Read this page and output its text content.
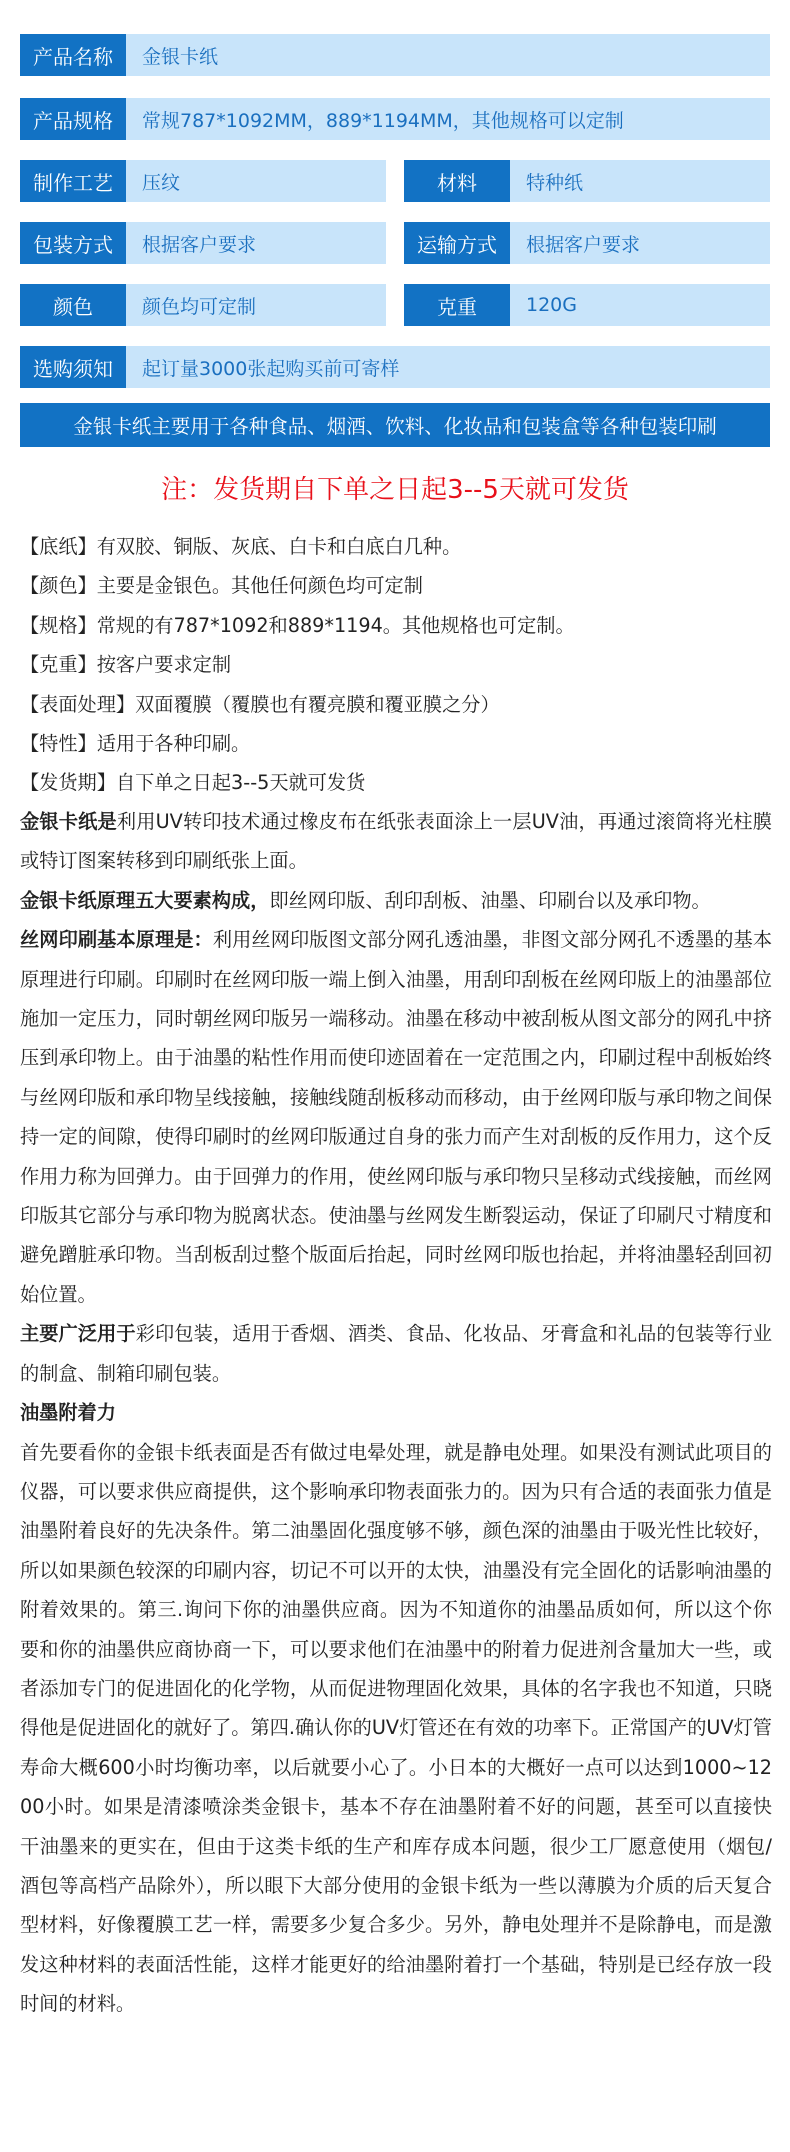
产品名称	金银卡纸
产品规格	常规787*1092MM，889*1194MM，其他规格可以定制
制作工艺	压纹	材料	特种纸
包装方式	根据客户要求	运输方式	根据客户要求
颜色	颜色均可定制	克重	120G
选购须知	起订量3000张起购买前可寄样
金银卡纸主要用于各种食品、烟酒、饮料、化妆品和包装盒等各种包装印刷
注：发货期自下单之日起3--5天就可发货

【底纸】有双胶、铜版、灰底、白卡和白底白几种。

【颜色】主要是金银色。其他任何颜色均可定制

【规格】常规的有787*1092和889*1194。其他规格也可定制。

【克重】按客户要求定制

【表面处理】双面覆膜（覆膜也有覆亮膜和覆亚膜之分）

【特性】适用于各种印刷。

【发货期】自下单之日起3--5天就可发货

金银卡纸是利用UV转印技术通过橡皮布在纸张表面涂上一层UV油，再通过滚筒将光柱膜或特订图案转移到印刷纸张上面。

金银卡纸原理五大要素构成，即丝网印版、刮印刮板、油墨、印刷台以及承印物。

丝网印刷基本原理是：利用丝网印版图文部分网孔透油墨，非图文部分网孔不透墨的基本原理进行印刷。印刷时在丝网印版一端上倒入油墨，用刮印刮板在丝网印版上的油墨部位施加一定压力，同时朝丝网印版另一端移动。油墨在移动中被刮板从图文部分的网孔中挤压到承印物上。由于油墨的粘性作用而使印迹固着在一定范围之内，印刷过程中刮板始终与丝网印版和承印物呈线接触，接触线随刮板移动而移动，由于丝网印版与承印物之间保持一定的间隙，使得印刷时的丝网印版通过自身的张力而产生对刮板的反作用力，这个反作用力称为回弹力。由于回弹力的作用，使丝网印版与承印物只呈移动式线接触，而丝网印版其它部分与承印物为脱离状态。使油墨与丝网发生断裂运动，保证了印刷尺寸精度和避免蹭脏承印物。当刮板刮过整个版面后抬起，同时丝网印版也抬起，并将油墨轻刮回初始位置。

主要广泛用于彩印包装，适用于香烟、酒类、食品、化妆品、牙膏盒和礼品的包装等行业的制盒、制箱印刷包装。

油墨附着力

首先要看你的金银卡纸表面是否有做过电晕处理，就是静电处理。如果没有测试此项目的仪器，可以要求供应商提供，这个影响承印物表面张力的。因为只有合适的表面张力值是油墨附着良好的先决条件。第二油墨固化强度够不够，颜色深的油墨由于吸光性比较好，所以如果颜色较深的印刷内容，切记不可以开的太快，油墨没有完全固化的话影响油墨的附着效果的。第三.询问下你的油墨供应商。因为不知道你的油墨品质如何，所以这个你要和你的油墨供应商协商一下，可以要求他们在油墨中的附着力促进剂含量加大一些，或者添加专门的促进固化的化学物，从而促进物理固化效果，具体的名字我也不知道，只晓得他是促进固化的就好了。第四.确认你的UV灯管还在有效的功率下。正常国产的UV灯管寿命大概600小时均衡功率，以后就要小心了。小日本的大概好一点可以达到1000~1200小时。如果是清漆喷涂类金银卡，基本不存在油墨附着不好的问题，甚至可以直接快干油墨来的更实在，但由于这类卡纸的生产和库存成本问题，很少工厂愿意使用（烟包/酒包等高档产品除外），所以眼下大部分使用的金银卡纸为一些以薄膜为介质的后天复合型材料，好像覆膜工艺一样，需要多少复合多少。另外，静电处理并不是除静电，而是激发这种材料的表面活性能，这样才能更好的给油墨附着打一个基础，特别是已经存放一段时间的材料。
